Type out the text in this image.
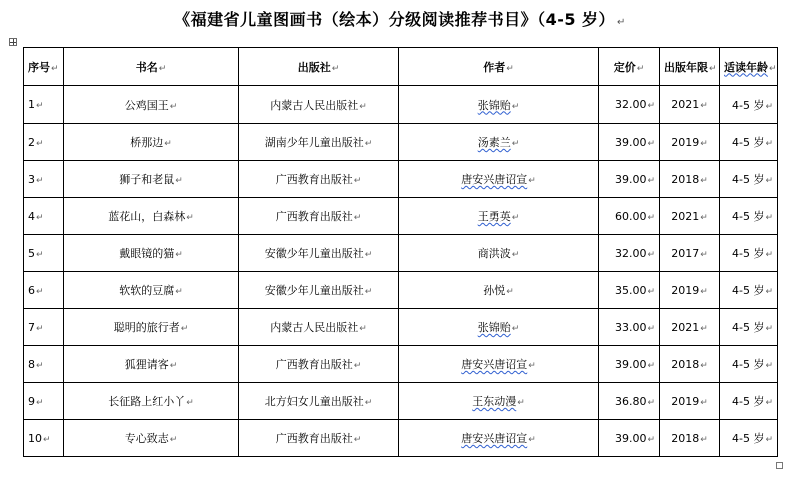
《福建省儿童图画书（绘本）分级阅读推荐书目》（4-5 岁） ↵
序号↵	书名↵	出版社↵	作者↵	定价↵	出版年限↵	适读年龄↵
1↵	公鸡国王↵	内蒙古人民出版社↵	张锦贻↵	32.00↵	2021↵	4-5 岁↵
2↵	桥那边↵	湖南少年儿童出版社↵	汤素兰↵	39.00↵	2019↵	4-5 岁↵
3↵	狮子和老鼠↵	广西教育出版社↵	唐安兴唐诏宣↵	39.00↵	2018↵	4-5 岁↵
4↵	蓝花山，白森林↵	广西教育出版社↵	王勇英↵	60.00↵	2021↵	4-5 岁↵
5↵	戴眼镜的猫↵	安徽少年儿童出版社↵	商洪波↵	32.00↵	2017↵	4-5 岁↵
6↵	软软的豆腐↵	安徽少年儿童出版社↵	孙悦↵	35.00↵	2019↵	4-5 岁↵
7↵	聪明的旅行者↵	内蒙古人民出版社↵	张锦贻↵	33.00↵	2021↵	4-5 岁↵
8↵	狐狸请客↵	广西教育出版社↵	唐安兴唐诏宣↵	39.00↵	2018↵	4-5 岁↵
9↵	长征路上红小丫↵	北方妇女儿童出版社↵	王东动漫↵	36.80↵	2019↵	4-5 岁↵
10↵	专心致志↵	广西教育出版社↵	唐安兴唐诏宣↵	39.00↵	2018↵	4-5 岁↵
